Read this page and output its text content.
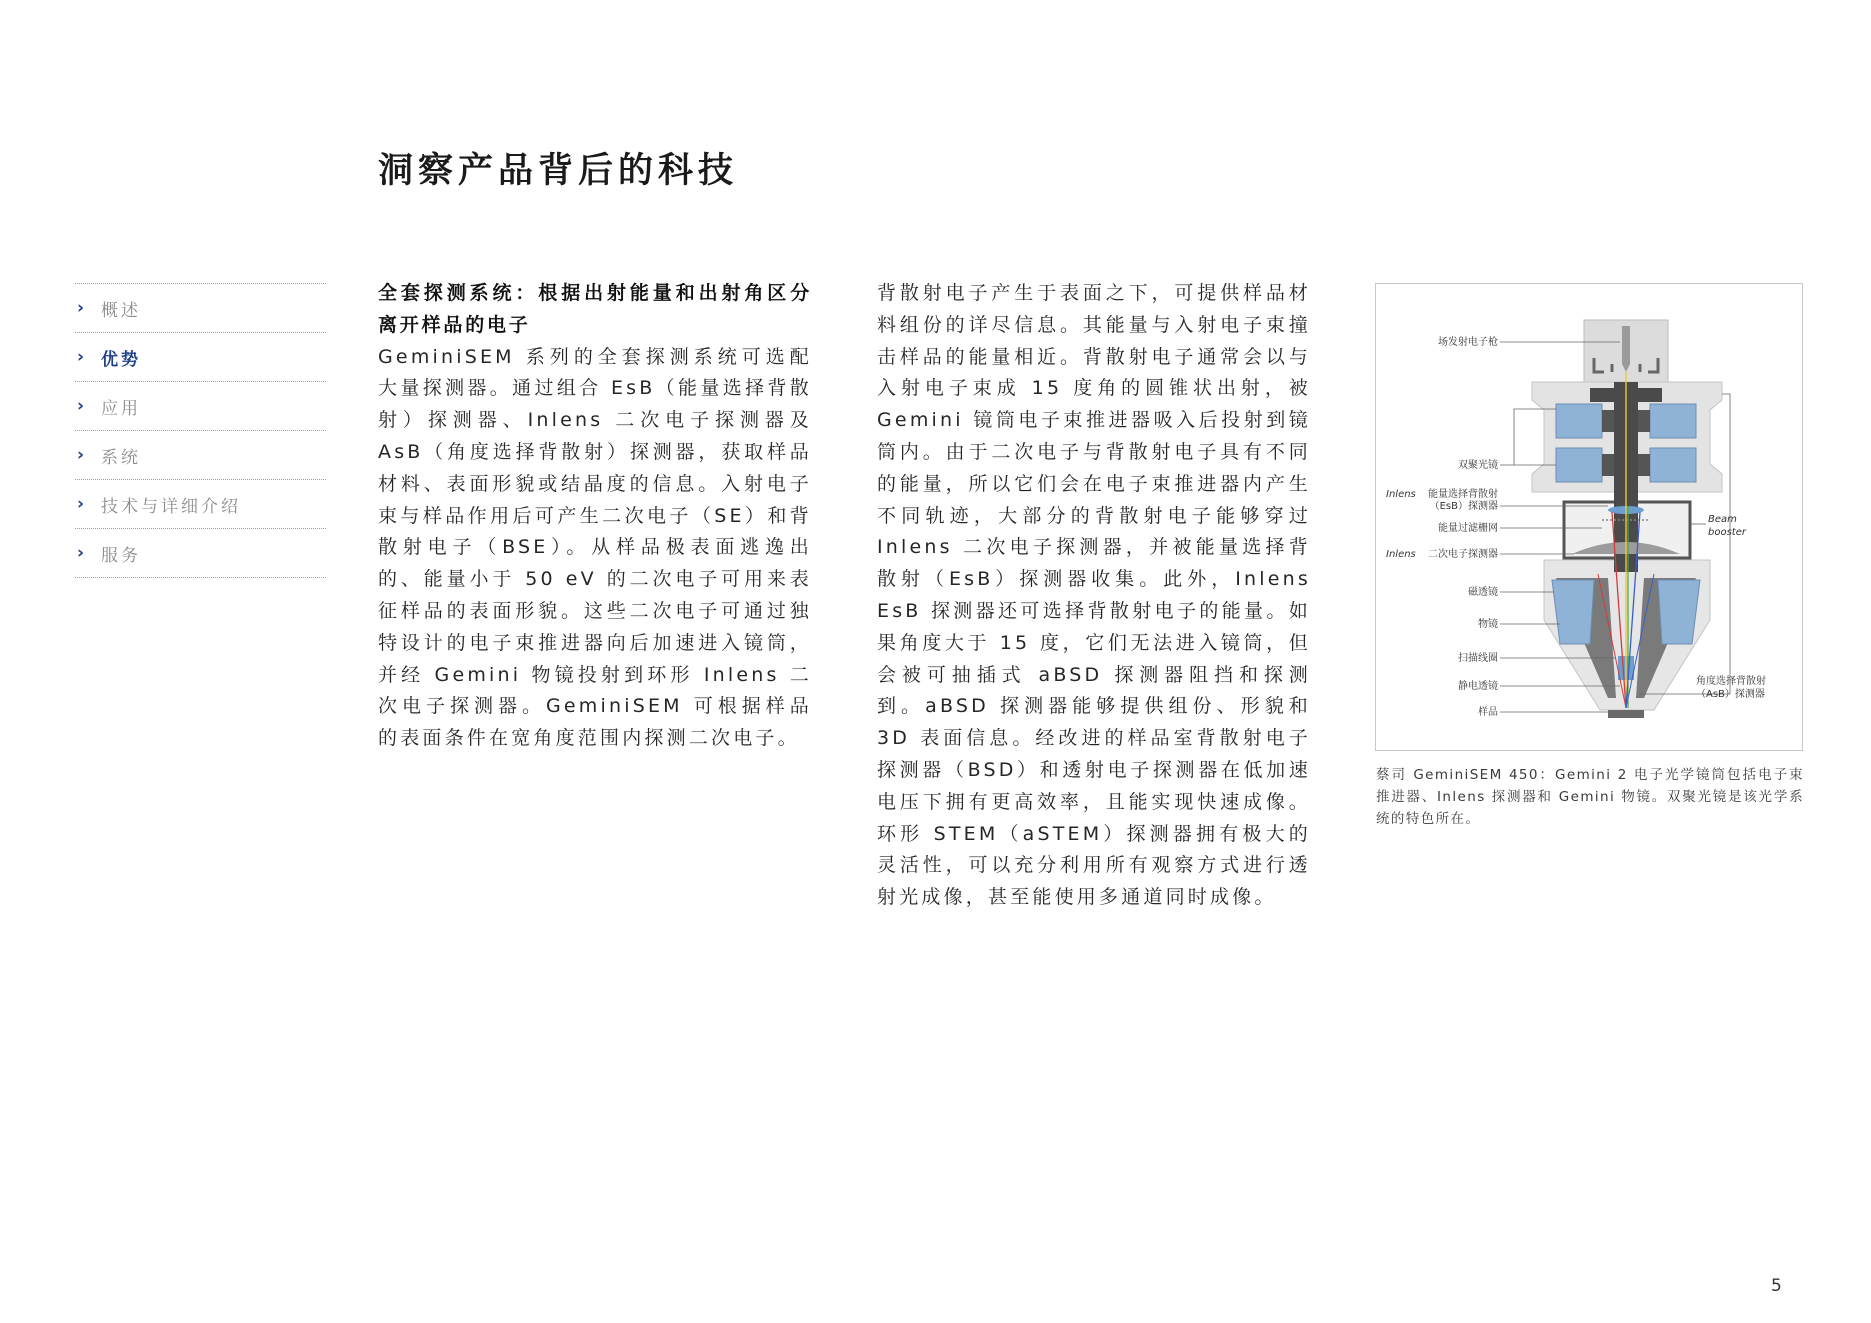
洞察产品背后的科技
› 概述
› 优势
› 应用
› 系统
› 技术与详细介绍
› 服务

全套探测系统：根据出射能量和出射角区分离开样品的电子

GeminiSEM 系列的全套探测系统可选配大量探测器。通过组合 EsB（能量选择背散射）探测器、Inlens 二次电子探测器及 AsB（角度选择背散射）探测器，获取样品材料、表面形貌或结晶度的信息。入射电子束与样品作用后可产生二次电子（SE）和背散射电子（BSE）。从样品极表面逃逸出的、能量小于 50 eV 的二次电子可用来表征样品的表面形貌。这些二次电子可通过独特设计的电子束推进器向后加速进入镜筒，并经 Gemini 物镜投射到环形 Inlens 二次电子探测器。GeminiSEM 可根据样品的表面条件在宽角度范围内探测二次电子。

背散射电子产生于表面之下，可提供样品材料组份的详尽信息。其能量与入射电子束撞击样品的能量相近。背散射电子通常会以与入射电子束成 15 度角的圆锥状出射，被 Gemini 镜筒电子束推进器吸入后投射到镜筒内。由于二次电子与背散射电子具有不同的能量，所以它们会在电子束推进器内产生不同轨迹，大部分的背散射电子能够穿过 Inlens 二次电子探测器，并被能量选择背散射（EsB）探测器收集。此外，Inlens EsB 探测器还可选择背散射电子的能量。如果角度大于 15 度，它们无法进入镜筒，但会被可抽插式 aBSD 探测器阻挡和探测到。aBSD 探测器能够提供组份、形貌和 3D 表面信息。经改进的样品室背散射电子探测器（BSD）和透射电子探测器在低加速电压下拥有更高效率，且能实现快速成像。环形 STEM（aSTEM）探测器拥有极大的灵活性，可以充分利用所有观察方式进行透射光成像，甚至能使用多通道同时成像。

场发射电子枪
双聚光镜
Inlens 能量选择背散射
（EsB）探测器
能量过滤栅网
Inlens 二次电子探测器
磁透镜
物镜
扫描线圈
静电透镜
样品
Beam
booster
角度选择背散射
（AsB）探测器

蔡司 GeminiSEM 450：Gemini 2 电子光学镜筒包括电子束推进器、Inlens 探测器和 Gemini 物镜。双聚光镜是该光学系统的特色所在。

5
